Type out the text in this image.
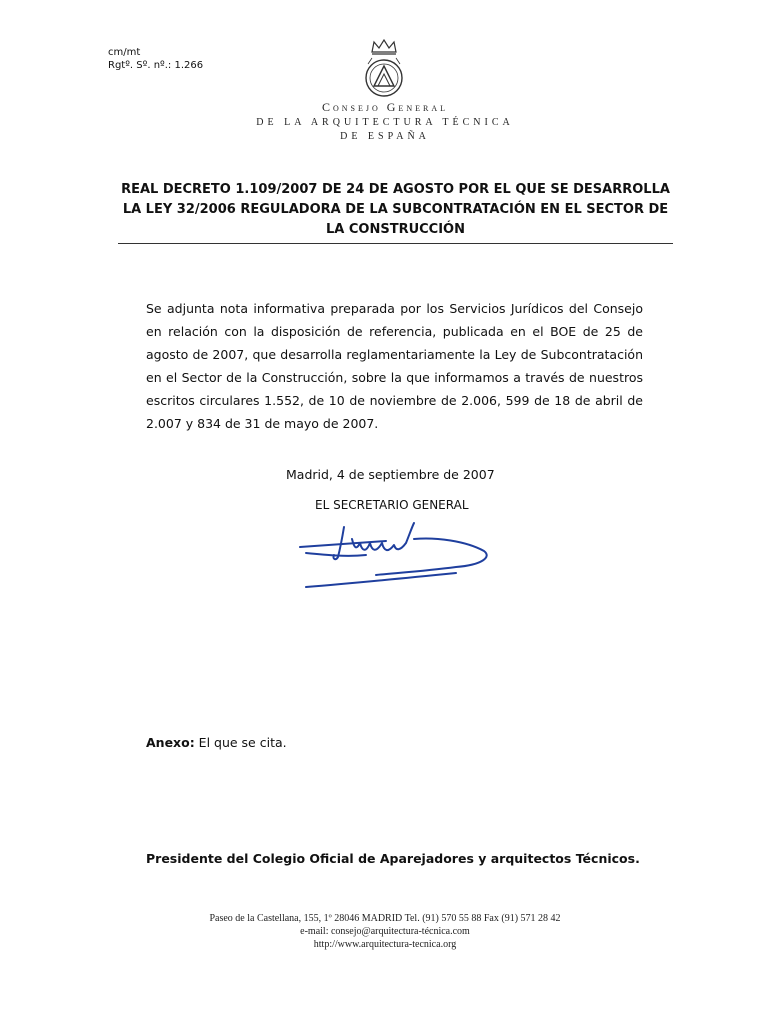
cm/mt
Rgtº. Sº. nº.: 1.266
Consejo General
DE LA ARQUITECTURA TÉCNICA
DE ESPAÑA
REAL DECRETO 1.109/2007 DE 24 DE AGOSTO POR EL QUE SE DESARROLLA LA LEY 32/2006 REGULADORA DE LA SUBCONTRATACIÓN EN EL SECTOR DE LA CONSTRUCCIÓN
Se adjunta nota informativa preparada por los Servicios Jurídicos del Consejo en relación con la disposición de referencia, publicada en el BOE de 25 de agosto de 2007, que desarrolla reglamentariamente la Ley de Subcontratación en el Sector de la Construcción, sobre la que informamos a través de nuestros escritos circulares 1.552, de 10 de noviembre de 2.006, 599 de 18 de abril de 2.007 y 834 de 31 de mayo de 2007.
Madrid, 4 de septiembre de 2007
EL SECRETARIO GENERAL
Anexo: El que se cita.
Presidente del Colegio Oficial de Aparejadores y arquitectos Técnicos.
Paseo de la Castellana, 155, 1º 28046 MADRID Tel. (91) 570 55 88 Fax (91) 571 28 42
e-mail: consejo@arquitectura-técnica.com
http://www.arquitectura-tecnica.org
